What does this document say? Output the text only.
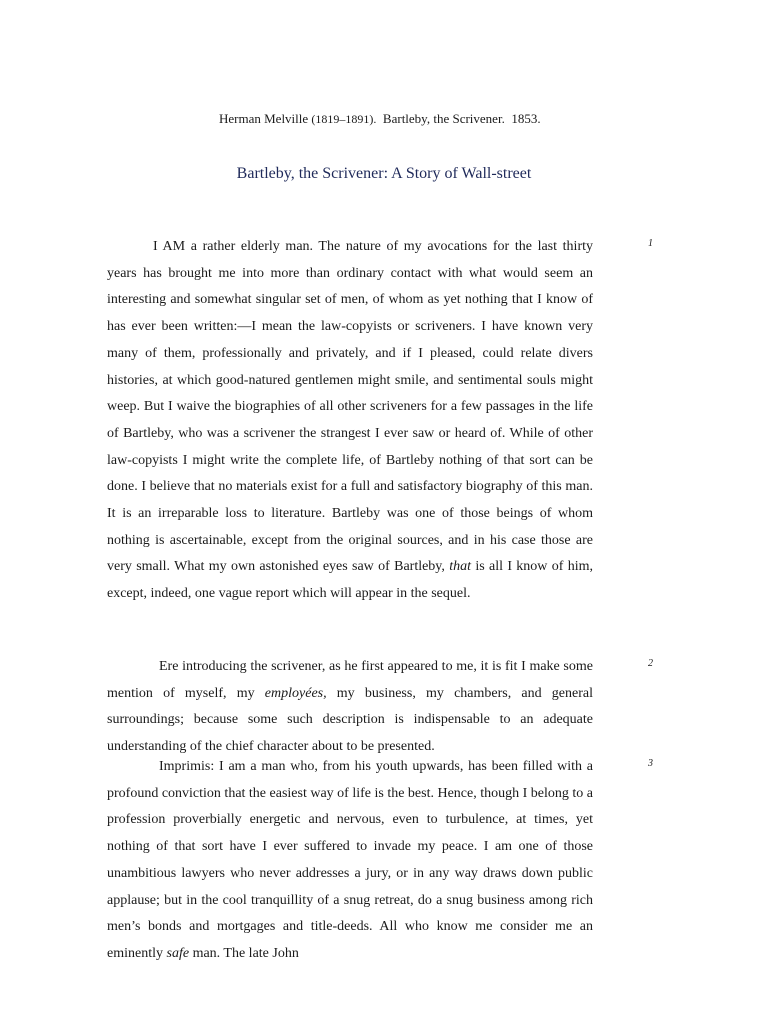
Herman Melville (1819–1891). Bartleby, the Scrivener. 1853.
Bartleby, the Scrivener: A Story of Wall-street

I AM a rather elderly man. The nature of my avocations for the last thirty years has brought me into more than ordinary contact with what would seem an interesting and somewhat singular set of men, of whom as yet nothing that I know of has ever been written:—I mean the law-copyists or scriveners. I have known very many of them, professionally and privately, and if I pleased, could relate divers histories, at which good-natured gentlemen might smile, and sentimental souls might weep. But I waive the biographies of all other scriveners for a few passages in the life of Bartleby, who was a scrivener the strangest I ever saw or heard of. While of other law-copyists I might write the complete life, of Bartleby nothing of that sort can be done. I believe that no materials exist for a full and satisfactory biography of this man. It is an irreparable loss to literature. Bartleby was one of those beings of whom nothing is ascertainable, except from the original sources, and in his case those are very small. What my own astonished eyes saw of Bartleby, that is all I know of him, except, indeed, one vague report which will appear in the sequel.

1

Ere introducing the scrivener, as he first appeared to me, it is fit I make some mention of myself, my employées, my business, my chambers, and general surroundings; because some such description is indispensable to an adequate understanding of the chief character about to be presented.

2

Imprimis: I am a man who, from his youth upwards, has been filled with a profound conviction that the easiest way of life is the best. Hence, though I belong to a profession proverbially energetic and nervous, even to turbulence, at times, yet nothing of that sort have I ever suffered to invade my peace. I am one of those unambitious lawyers who never addresses a jury, or in any way draws down public applause; but in the cool tranquillity of a snug retreat, do a snug business among rich men’s bonds and mortgages and title-deeds. All who know me consider me an eminently safe man. The late John

3
